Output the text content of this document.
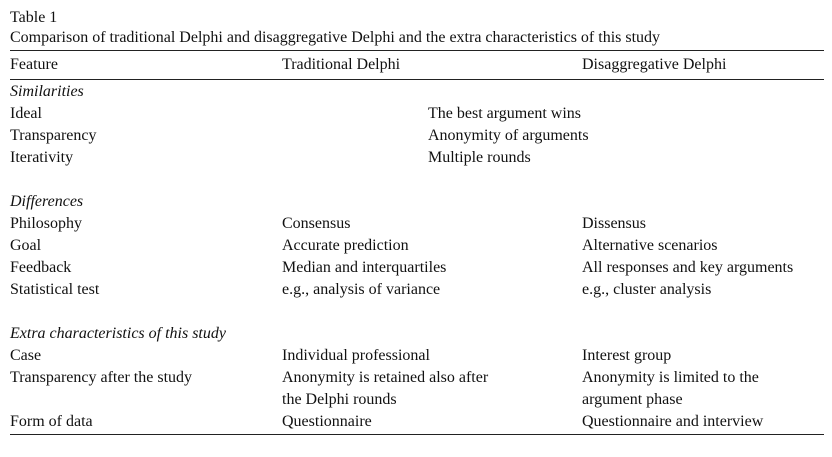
Table 1
Comparison of traditional Delphi and disaggregative Delphi and the extra characteristics of this study
Feature	Traditional Delphi	Disaggregative Delphi
Similarities		
Ideal	The best argument wins	
Transparency	Anonymity of arguments	
Iterativity	Multiple rounds	

Differences		
Philosophy	Consensus	Dissensus
Goal	Accurate prediction	Alternative scenarios
Feedback	Median and interquartiles	All responses and key arguments
Statistical test	e.g., analysis of variance	e.g., cluster analysis

Extra characteristics of this study		
Case	Individual professional	Interest group
Transparency after the study	Anonymity is retained also after	Anonymity is limited to the
	the Delphi rounds	argument phase
Form of data	Questionnaire	Questionnaire and interview
